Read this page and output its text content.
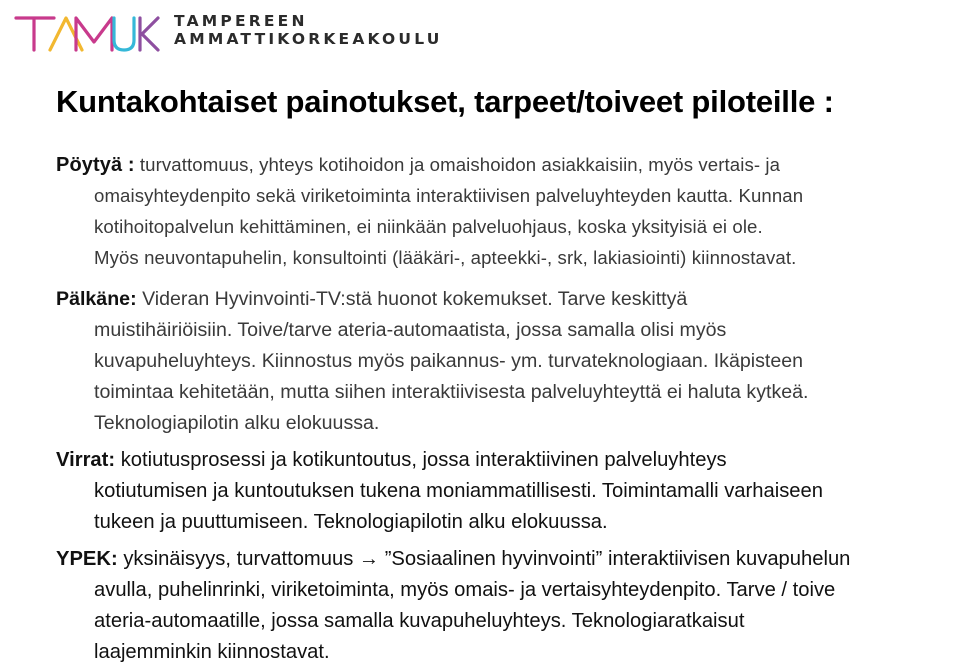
TAMPEREEN
AMMATTIKORKEAKOULU
Kuntakohtaiset painotukset, tarpeet/toiveet piloteille :
Pöytyä : turvattomuus, yhteys kotihoidon ja omaishoidon asiakkaisiin, myös vertais- ja
omaisyhteydenpito sekä viriketoiminta interaktiivisen palveluyhteyden kautta. Kunnan
kotihoitopalvelun kehittäminen, ei niinkään palveluohjaus, koska yksityisiä ei ole.
Myös neuvontapuhelin, konsultointi (lääkäri-, apteekki-, srk, lakiasiointi) kiinnostavat.
Pälkäne: Videran Hyvinvointi-TV:stä huonot kokemukset. Tarve keskittyä
muistihäiriöisiin. Toive/tarve ateria-automaatista, jossa samalla olisi myös
kuvapuheluyhteys. Kiinnostus myös paikannus- ym. turvateknologiaan. Ikäpisteen
toimintaa kehitetään, mutta siihen interaktiivisesta palveluyhteyttä ei haluta kytkeä.
Teknologiapilotin alku elokuussa.
Virrat: kotiutusprosessi ja kotikuntoutus, jossa interaktiivinen palveluyhteys
kotiutumisen ja kuntoutuksen tukena moniammatillisesti. Toimintamalli varhaiseen
tukeen ja puuttumiseen. Teknologiapilotin alku elokuussa.
YPEK: yksinäisyys, turvattomuus → ”Sosiaalinen hyvinvointi” interaktiivisen kuvapuhelun
avulla, puhelinrinki, viriketoiminta, myös omais- ja vertaisyhteydenpito. Tarve / toive
ateria-automaatille, jossa samalla kuvapuheluyhteys. Teknologiaratkaisut
laajemminkin kiinnostavat.
